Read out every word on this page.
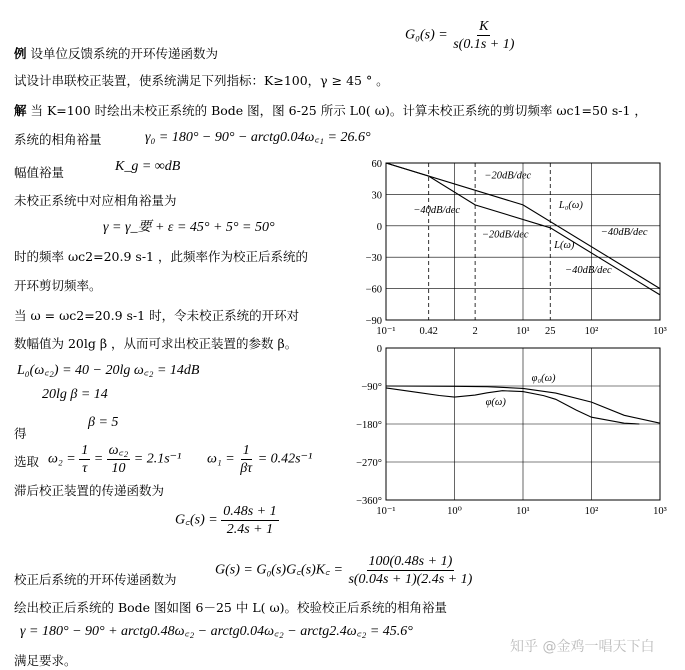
$G_0(s) = \frac{K}{s(0.1s + 1)}$
例 设单位反馈系统的开环传递函数为
试设计串联校正装置，使系统满足下列指标：K≥100，γ ≥ 45 ° 。
解 当 K=100 时绘出未校正系统的 Bode 图，图 6-25 所示 L0( ω)。计算未校正系统的剪切频率 ωc1=50 s-1 ，
系统的相角裕量	γ₀ = 180° − 90° − arctg0.04ω꜀₁ = 26.6°
幅值裕量	K_g = ∞dB
未校正系统中对应相角裕量为
γ = γ_要 + ε = 45° + 5° = 50°
时的频率 ωc2=20.9 s-1 ，此频率作为校正后系统的
开环剪切频率。
当 ω = ωc2=20.9 s-1 时，令未校正系统的开环对
数幅值为 20lg β ，从而可求出校正装置的参数 β。
L₀(ω꜀₂) = 40 − 20lg ω꜀₂ = 14dB
20lg β = 14
得
β = 5
选取 $\omega_2 = \frac{1}{\tau} = \frac{\text{ω꜀₂}}{10} = 2.1s^{-1}$ $\omega_1 = \frac{1}{\beta\tau} = 0.42s^{-1}$
滞后校正装置的传递函数为
G꜀(s) = $\frac{0.48s + 1}{2.4s + 1}$
校正后系统的开环传递函数为
G(s) = G₀(s)G꜀(s)K꜀ = $\frac{100(0.48s + 1)}{s(0.04s + 1)(2.4s + 1)}$
绘出校正后系统的 Bode 图如图 6－25 中 L( ω)。校验校正后系统的相角裕量
γ = 180° − 90° + arctg0.48ω꜀₂ − arctg0.04ω꜀₂ − arctg2.4ω꜀₂ = 45.6°
满足要求。
知乎 @金鸡一唱天下白
60
30
0
−30
−60
−90
10⁻¹ 0.42	2	10¹ 25	10²	10³
−20dB/dec
−40dB/dec
−20dB/dec
L₀(ω)
−40dB/dec
L(ω)
−40dB/dec
0
−90°
−180°
−270°
−360°
10⁻¹	10⁰	10¹	10²	10³
φ₀(ω)
φ(ω)
